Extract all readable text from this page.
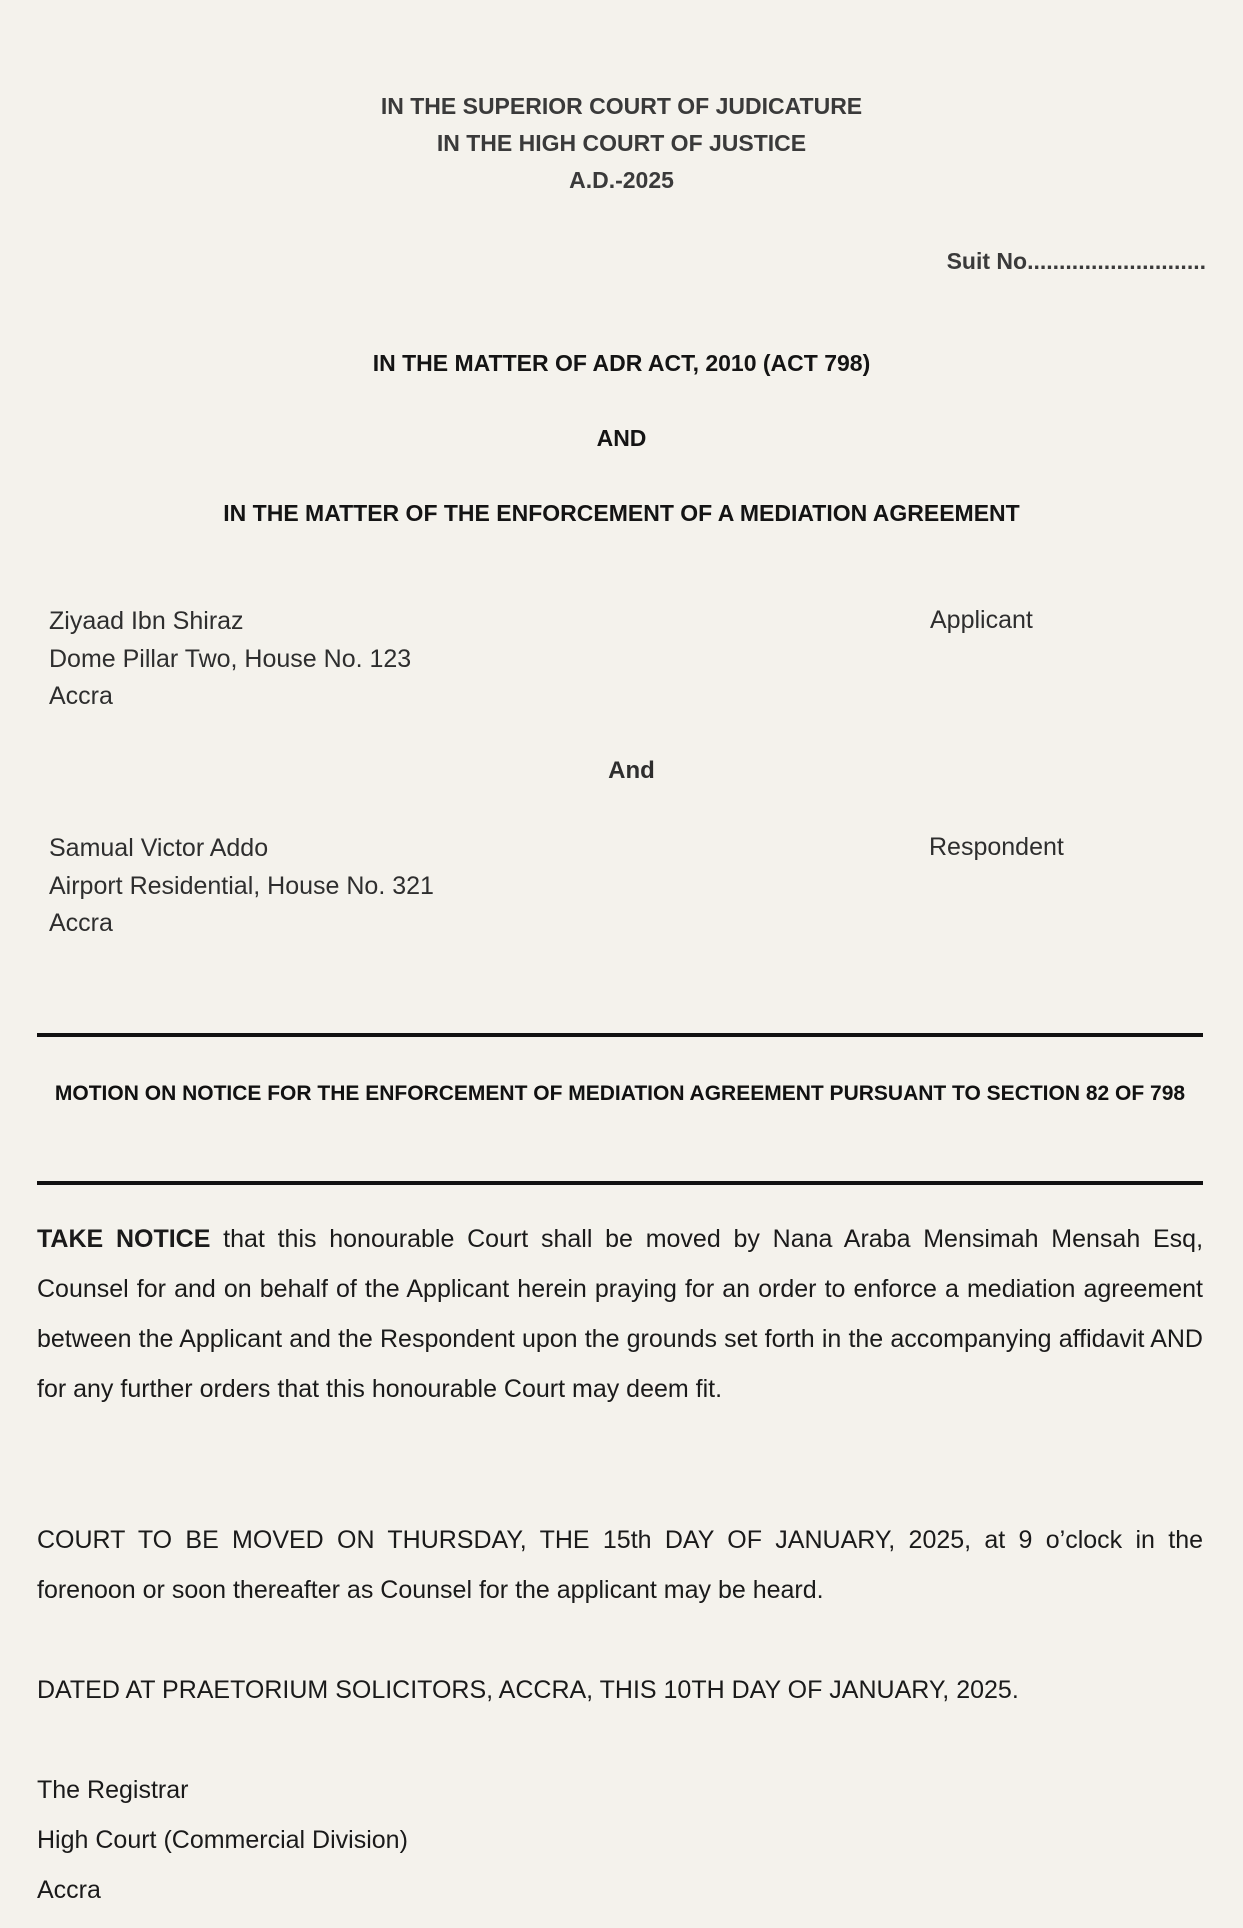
IN THE SUPERIOR COURT OF JUDICATURE
IN THE HIGH COURT OF JUSTICE
A.D.-2025
Suit No............................
IN THE MATTER OF ADR ACT, 2010 (ACT 798)
AND
IN THE MATTER OF THE ENFORCEMENT OF A MEDIATION AGREEMENT
Ziyaad Ibn Shiraz
Dome Pillar Two, House No. 123
Accra
Applicant
And
Samual Victor Addo
Airport Residential, House No. 321
Accra
Respondent
MOTION ON NOTICE FOR THE ENFORCEMENT OF MEDIATION AGREEMENT PURSUANT TO SECTION 82 OF 798
TAKE NOTICE that this honourable Court shall be moved by Nana Araba Mensimah Mensah Esq, Counsel for and on behalf of the Applicant herein praying for an order to enforce a mediation agreement between the Applicant and the Respondent upon the grounds set forth in the accompanying affidavit AND for any further orders that this honourable Court may deem fit.
COURT TO BE MOVED ON THURSDAY, THE 15th DAY OF JANUARY, 2025, at 9 o’clock in the forenoon or soon thereafter as Counsel for the applicant may be heard.
DATED AT PRAETORIUM SOLICITORS, ACCRA, THIS 10TH DAY OF JANUARY, 2025.
The Registrar
High Court (Commercial Division)
Accra
